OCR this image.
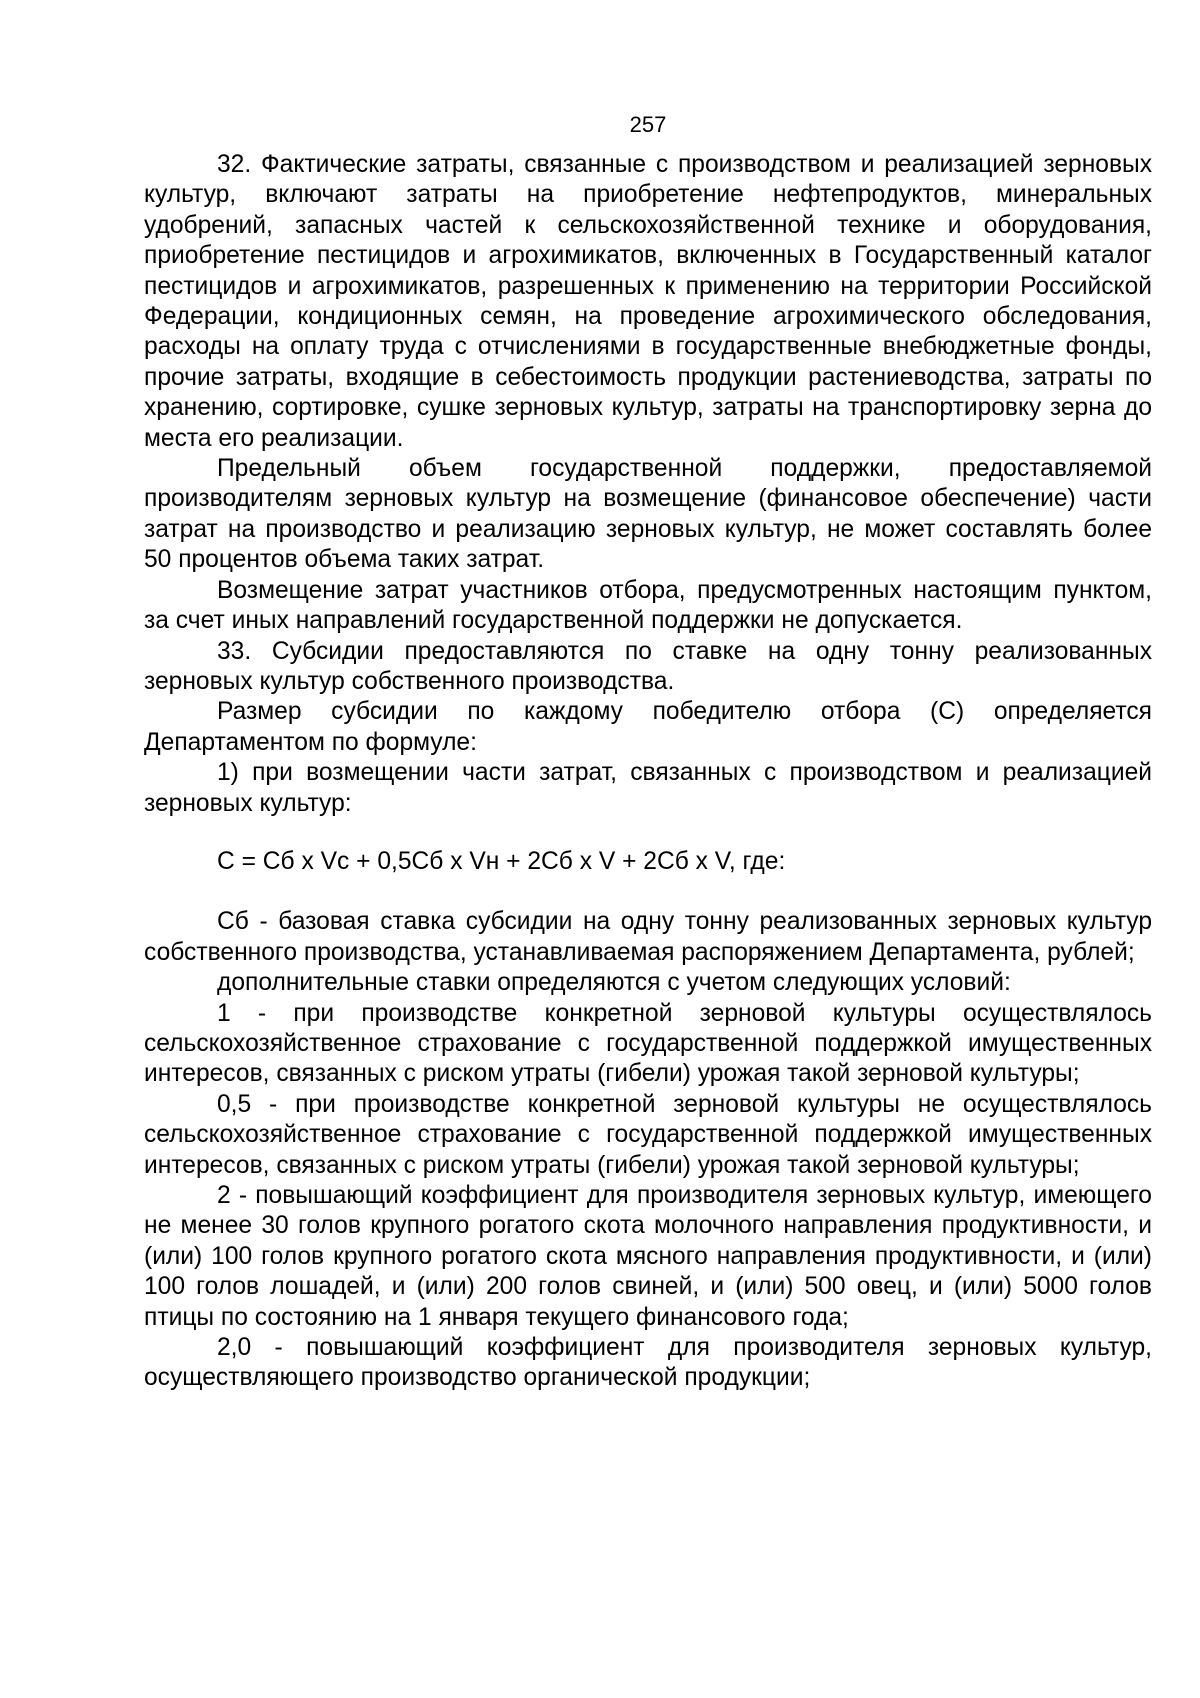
257

32. Фактические затраты, связанные с производством и реализацией зерновых культур, включают затраты на приобретение нефтепродуктов, минеральных удобрений, запасных частей к сельскохозяйственной технике и оборудования, приобретение пестицидов и агрохимикатов, включенных в Государственный каталог пестицидов и агрохимикатов, разрешенных к применению на территории Российской Федерации, кондиционных семян, на проведение агрохимического обследования, расходы на оплату труда с отчислениями в государственные внебюджетные фонды, прочие затраты, входящие в себестоимость продукции растениеводства, затраты по хранению, сортировке, сушке зерновых культур, затраты на транспортировку зерна до места его реализации.

Предельный объем государственной поддержки, предоставляемой производителям зерновых культур на возмещение (финансовое обеспечение) части затрат на производство и реализацию зерновых культур, не может составлять более 50 процентов объема таких затрат.

Возмещение затрат участников отбора, предусмотренных настоящим пунктом, за счет иных направлений государственной поддержки не допускается.

33. Субсидии предоставляются по ставке на одну тонну реализованных зерновых культур собственного производства.

Размер субсидии по каждому победителю отбора (С) определяется Департаментом по формуле:

1) при возмещении части затрат, связанных с производством и реализацией зерновых культур:

С = Сб х Vс + 0,5Сб х Vн + 2Сб х V + 2Сб х V, где:

Сб - базовая ставка субсидии на одну тонну реализованных зерновых культур собственного производства, устанавливаемая распоряжением Департамента, рублей;

дополнительные ставки определяются с учетом следующих условий:

1 - при производстве конкретной зерновой культуры осуществлялось сельскохозяйственное страхование с государственной поддержкой имущественных интересов, связанных с риском утраты (гибели) урожая такой зерновой культуры;

0,5 - при производстве конкретной зерновой культуры не осуществлялось сельскохозяйственное страхование с государственной поддержкой имущественных интересов, связанных с риском утраты (гибели) урожая такой зерновой культуры;

2 - повышающий коэффициент для производителя зерновых культур, имеющего не менее 30 голов крупного рогатого скота молочного направления продуктивности, и (или) 100 голов крупного рогатого скота мясного направления продуктивности, и (или) 100 голов лошадей, и (или) 200 голов свиней, и (или) 500 овец, и (или) 5000 голов птицы по состоянию на 1 января текущего финансового года;

2,0 - повышающий коэффициент для производителя зерновых культур, осуществляющего производство органической продукции;
